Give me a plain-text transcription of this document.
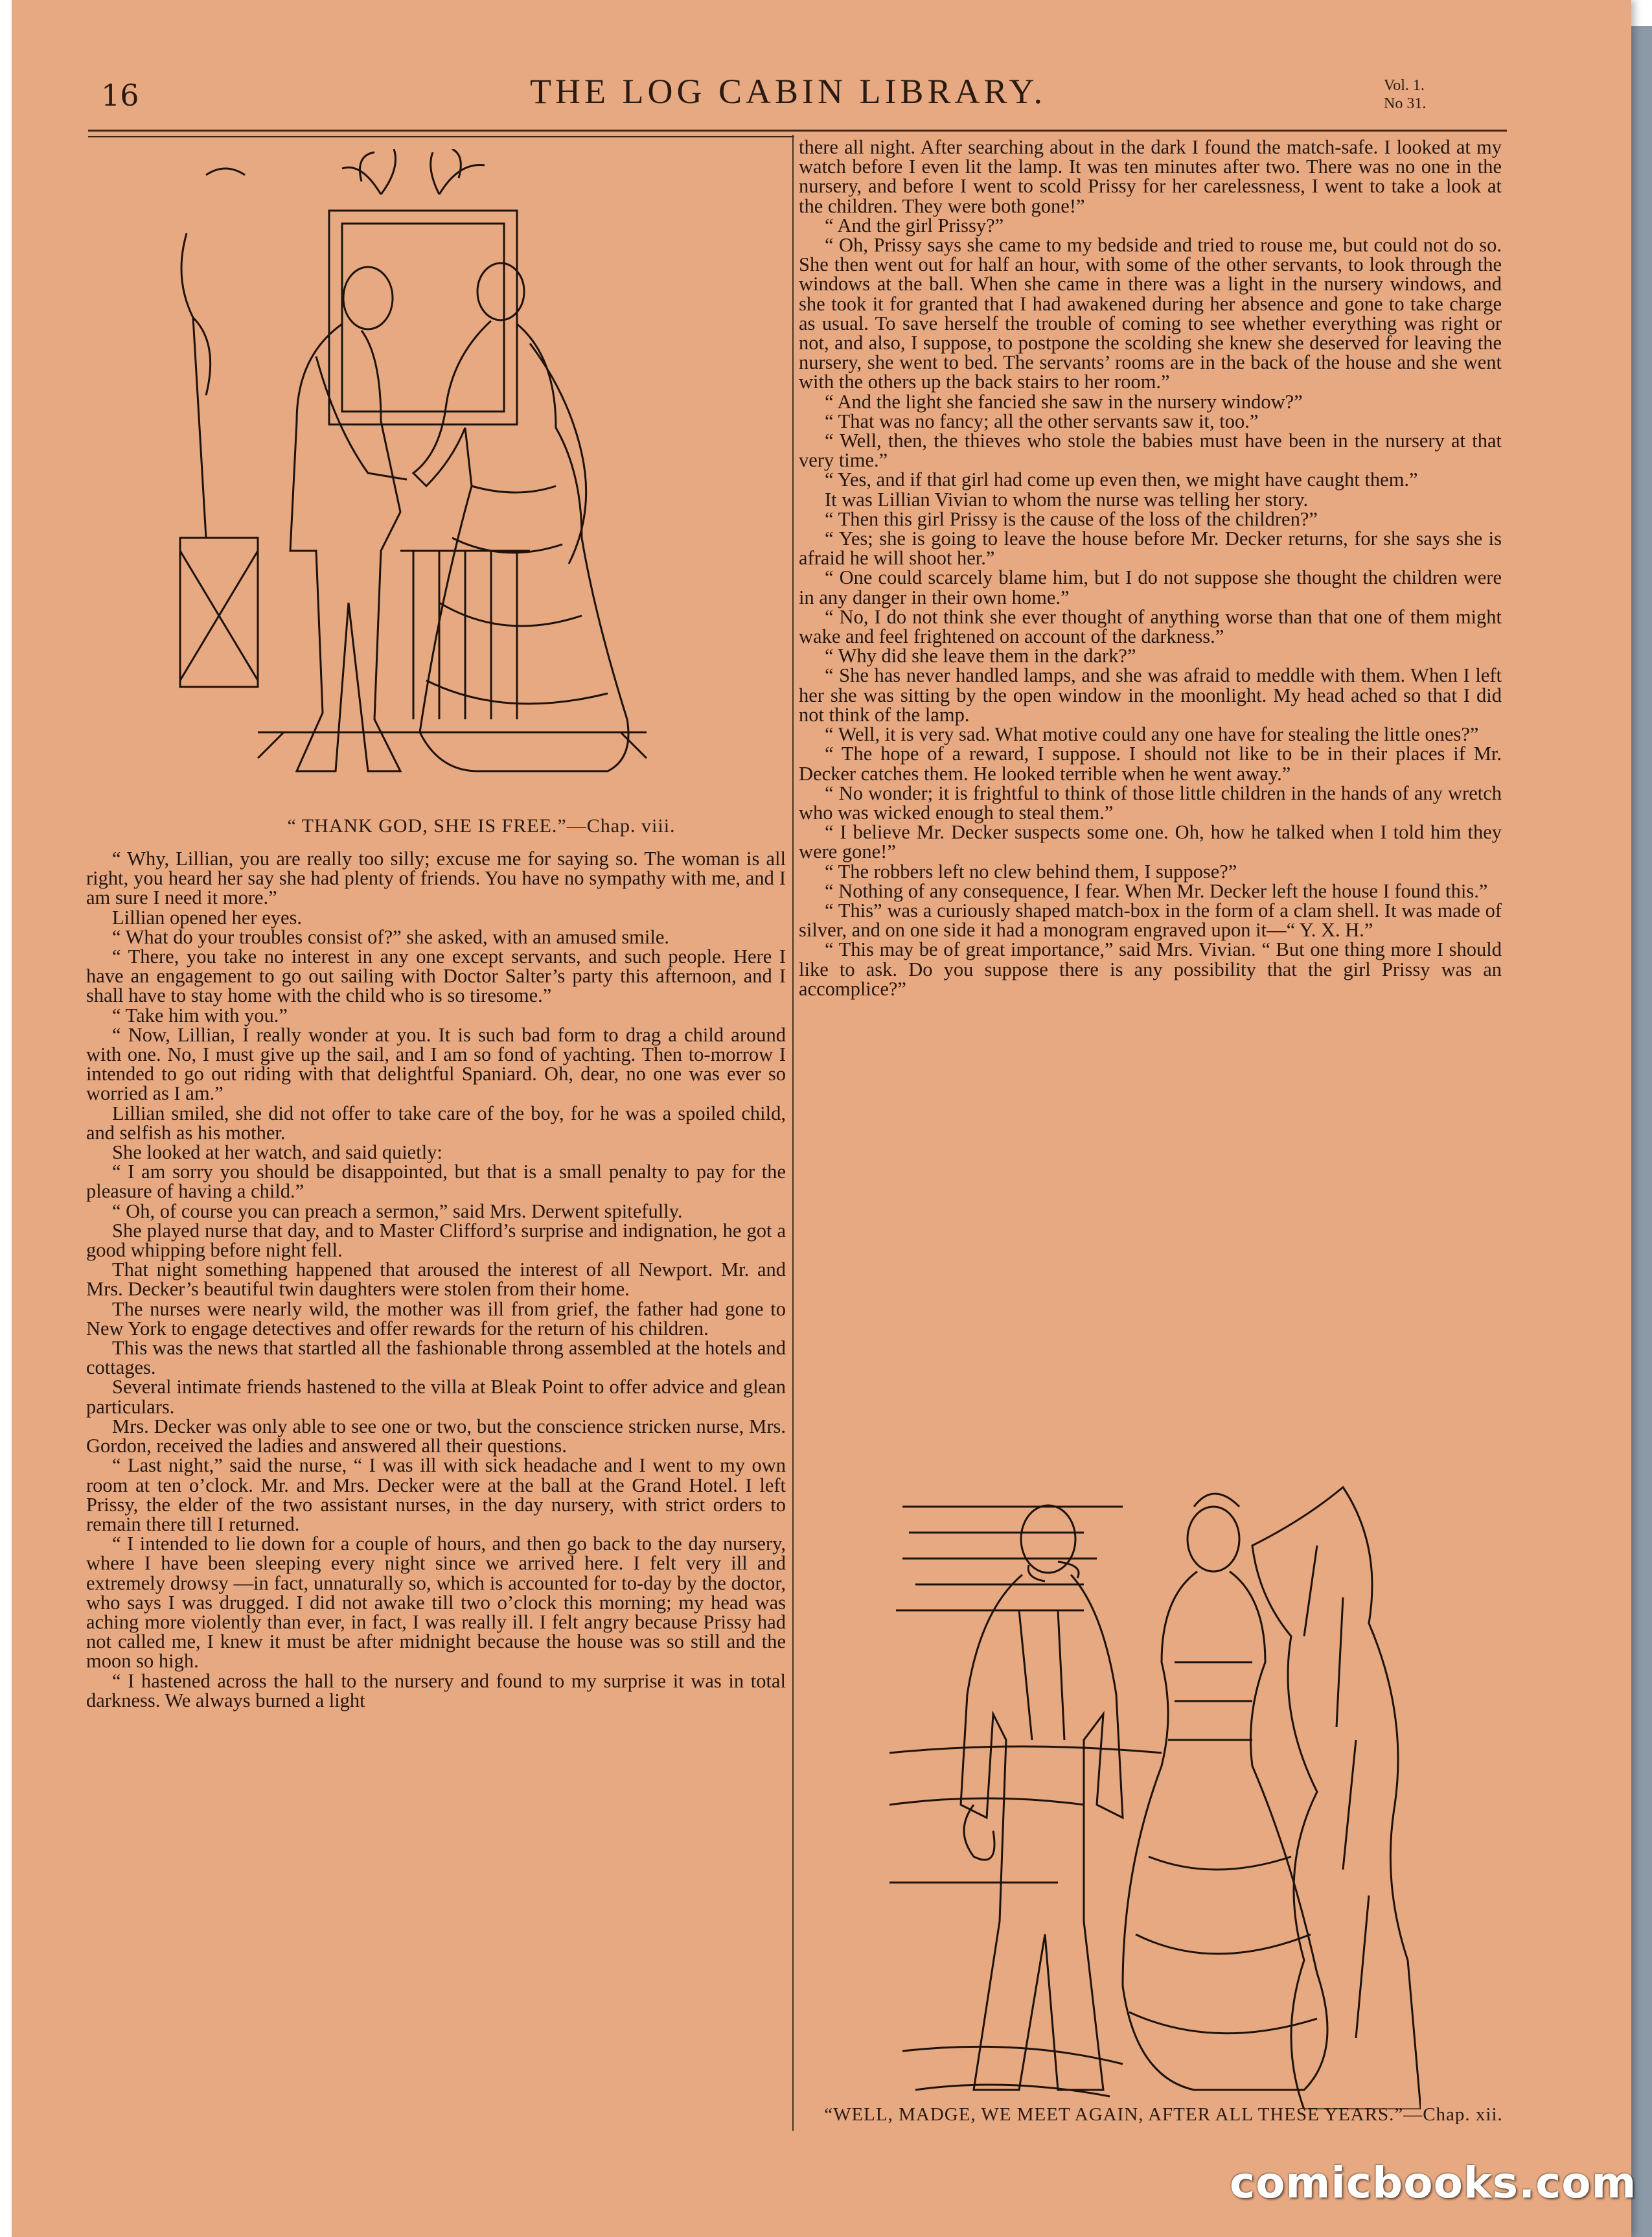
16	THE LOG CABIN LIBRARY.	Vol. 1.
No 31.
“ THANK GOD, SHE IS FREE.”—Chap. viii.

“ Why, Lillian, you are really too silly; excuse me for saying so. The woman is all right, you heard her say she had plenty of friends. You have no sympathy with me, and I am sure I need it more.”

Lillian opened her eyes.

“ What do your troubles consist of?” she asked, with an amused smile.

“ There, you take no interest in any one except servants, and such people. Here I have an engagement to go out sailing with Doctor Salter’s party this afternoon, and I shall have to stay home with the child who is so tiresome.”

“ Take him with you.”

“ Now, Lillian, I really wonder at you. It is such bad form to drag a child around with one. No, I must give up the sail, and I am so fond of yachting. Then to-morrow I intended to go out riding with that delightful Spaniard. Oh, dear, no one was ever so worried as I am.”

Lillian smiled, she did not offer to take care of the boy, for he was a spoiled child, and selfish as his mother.

She looked at her watch, and said quietly:

“ I am sorry you should be disappointed, but that is a small penalty to pay for the pleasure of having a child.”

“ Oh, of course you can preach a sermon,” said Mrs. Derwent spitefully.

She played nurse that day, and to Master Clifford’s surprise and indignation, he got a good whipping before night fell.

That night something happened that aroused the interest of all Newport. Mr. and Mrs. Decker’s beautiful twin daughters were stolen from their home.

The nurses were nearly wild, the mother was ill from grief, the father had gone to New York to engage detectives and offer rewards for the return of his children.

This was the news that startled all the fashionable throng assembled at the hotels and cottages.

Several intimate friends hastened to the villa at Bleak Point to offer advice and glean particulars.

Mrs. Decker was only able to see one or two, but the conscience stricken nurse, Mrs. Gordon, received the ladies and answered all their questions.

“ Last night,” said the nurse, “ I was ill with sick headache and I went to my own room at ten o’clock. Mr. and Mrs. Decker were at the ball at the Grand Hotel. I left Prissy, the elder of the two assistant nurses, in the day nursery, with strict orders to remain there till I returned.

“ I intended to lie down for a couple of hours, and then go back to the day nursery, where I have been sleeping every night since we arrived here. I felt very ill and extremely drowsy —in fact, unnaturally so, which is accounted for to-day by the doctor, who says I was drugged. I did not awake till two o’clock this morning; my head was aching more violently than ever, in fact, I was really ill. I felt angry because Prissy had not called me, I knew it must be after midnight because the house was so still and the moon so high.

“ I hastened across the hall to the nursery and found to my surprise it was in total darkness. We always burned a light

there all night. After searching about in the dark I found the match-safe. I looked at my watch before I even lit the lamp. It was ten minutes after two. There was no one in the nursery, and before I went to scold Prissy for her carelessness, I went to take a look at the children. They were both gone!”

“ And the girl Prissy?”

“ Oh, Prissy says she came to my bedside and tried to rouse me, but could not do so. She then went out for half an hour, with some of the other servants, to look through the windows at the ball. When she came in there was a light in the nursery windows, and she took it for granted that I had awakened during her absence and gone to take charge as usual. To save herself the trouble of coming to see whether everything was right or not, and also, I suppose, to postpone the scolding she knew she deserved for leaving the nursery, she went to bed. The servants’ rooms are in the back of the house and she went with the others up the back stairs to her room.”

“ And the light she fancied she saw in the nursery window?”

“ That was no fancy; all the other servants saw it, too.”

“ Well, then, the thieves who stole the babies must have been in the nursery at that very time.”

“ Yes, and if that girl had come up even then, we might have caught them.”

It was Lillian Vivian to whom the nurse was telling her story.

“ Then this girl Prissy is the cause of the loss of the children?”

“ Yes; she is going to leave the house before Mr. Decker returns, for she says she is afraid he will shoot her.”

“ One could scarcely blame him, but I do not suppose she thought the children were in any danger in their own home.”

“ No, I do not think she ever thought of anything worse than that one of them might wake and feel frightened on account of the darkness.”

“ Why did she leave them in the dark?”

“ She has never handled lamps, and she was afraid to meddle with them. When I left her she was sitting by the open window in the moonlight. My head ached so that I did not think of the lamp.

“ Well, it is very sad. What motive could any one have for stealing the little ones?”

“ The hope of a reward, I suppose. I should not like to be in their places if Mr. Decker catches them. He looked terrible when he went away.”

“ No wonder; it is frightful to think of those little children in the hands of any wretch who was wicked enough to steal them.”

“ I believe Mr. Decker suspects some one. Oh, how he talked when I told him they were gone!”

“ The robbers left no clew behind them, I suppose?”

“ Nothing of any consequence, I fear. When Mr. Decker left the house I found this.”

“ This” was a curiously shaped match-box in the form of a clam shell. It was made of silver, and on one side it had a monogram engraved upon it—“ Y. X. H.”

“ This may be of great importance,” said Mrs. Vivian. “ But one thing more I should like to ask. Do you suppose there is any possibility that the girl Prissy was an accomplice?”

“WELL, MADGE, WE MEET AGAIN, AFTER ALL THESE YEARS.”—Chap. xii.
comicbooks.com
